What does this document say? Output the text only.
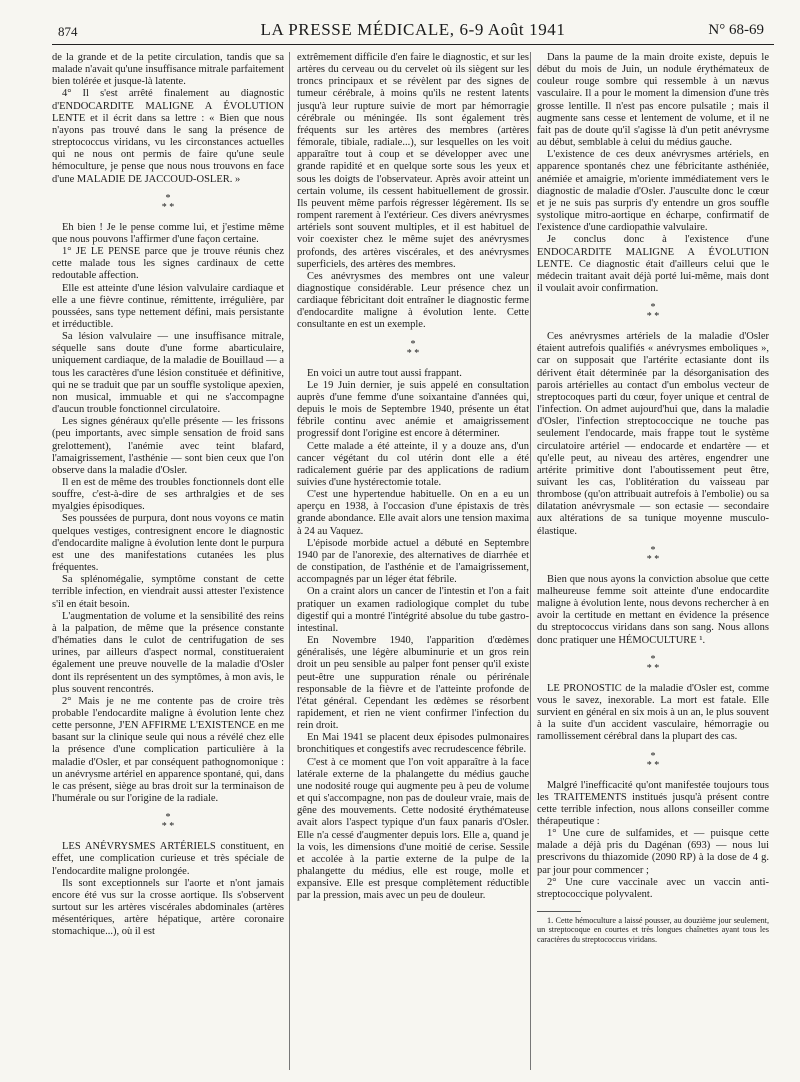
874	LA PRESSE MÉDICALE, 6-9 Août 1941	N° 68-69

de la grande et de la petite circulation, tandis que sa malade n'avait qu'une insuffisance mitrale parfaitement bien tolérée et jusque-là latente.

4° Il s'est arrêté finalement au diagnostic d'ENDOCARDITE MALIGNE A ÉVOLUTION LENTE et il écrit dans sa lettre : « Bien que nous n'ayons pas trouvé dans le sang la présence de streptococcus viridans, vu les circonstances actuelles qui ne nous ont permis de faire qu'une seule hémoculture, je pense que nous nous trouvons en face d'une MALADIE DE JACCOUD-OSLER. »

*
* *

Eh bien ! Je le pense comme lui, et j'estime même que nous pouvons l'affirmer d'une façon certaine.

1° JE LE PENSE parce que je trouve réunis chez cette malade tous les signes cardinaux de cette redoutable affection.

Elle est atteinte d'une lésion valvulaire cardiaque et elle a une fièvre continue, rémittente, irrégulière, par poussées, sans type nettement défini, mais persistante et irréductible.

Sa lésion valvulaire — une insuffisance mitrale, séquelle sans doute d'une forme abarticulaire, uniquement cardiaque, de la maladie de Bouillaud — a tous les caractères d'une lésion constituée et définitive, qui ne se traduit que par un souffle systolique apexien, non musical, immuable et qui ne s'accompagne d'aucun trouble fonctionnel circulatoire.

Les signes généraux qu'elle présente — les frissons (peu importants, avec simple sensation de froid sans grelottement), l'anémie avec teint blafard, l'amaigrissement, l'asthénie — sont bien ceux que l'on observe dans la maladie d'Osler.

Il en est de même des troubles fonctionnels dont elle souffre, c'est-à-dire de ses arthralgies et de ses myalgies épisodiques.

Ses poussées de purpura, dont nous voyons ce matin quelques vestiges, contresignent encore le diagnostic d'endocardite maligne à évolution lente dont le purpura est une des manifestations cutanées les plus fréquentes.

Sa splénomégalie, symptôme constant de cette terrible infection, en viendrait aussi attester l'existence s'il en était besoin.

L'augmentation de volume et la sensibilité des reins à la palpation, de même que la présence constante d'hématies dans le culot de centrifugation de ses urines, par ailleurs d'aspect normal, constitueraient également une preuve nouvelle de la maladie d'Osler dont ils représentent un des symptômes, à mon avis, le plus souvent rencontrés.

2° Mais je ne me contente pas de croire très probable l'endocardite maligne à évolution lente chez cette personne, J'EN AFFIRME L'EXISTENCE en me basant sur la clinique seule qui nous a révélé chez elle la présence d'une complication particulière à la maladie d'Osler, et par conséquent pathognomonique : un anévrysme artériel en apparence spontané, qui, dans le cas présent, siège au bras droit sur la terminaison de l'humérale ou sur l'origine de la radiale.

*
* *

LES ANÉVRYSMES ARTÉRIELS constituent, en effet, une complication curieuse et très spéciale de l'endocardite maligne prolongée.

Ils sont exceptionnels sur l'aorte et n'ont jamais encore été vus sur la crosse aortique. Ils s'observent surtout sur les artères viscérales abdominales (artères mésentériques, artère hépatique, artère coronaire stomachique...), où il est

extrêmement difficile d'en faire le diagnostic, et sur les artères du cerveau ou du cervelet où ils siègent sur les troncs principaux et se révèlent par des signes de tumeur cérébrale, à moins qu'ils ne restent latents jusqu'à leur rupture suivie de mort par hémorragie cérébrale ou méningée. Ils sont également très fréquents sur les artères des membres (artères fémorale, tibiale, radiale...), sur lesquelles on les voit apparaître tout à coup et se développer avec une grande rapidité et en quelque sorte sous les yeux et sous les doigts de l'observateur. Après avoir atteint un certain volume, ils cessent habituellement de grossir. Ils peuvent même parfois régresser légèrement. Ils se rompent rarement à l'extérieur. Ces divers anévrysmes artériels sont souvent multiples, et il est habituel de voir coexister chez le même sujet des anévrysmes profonds, des artères viscérales, et des anévrysmes superficiels, des artères des membres.

Ces anévrysmes des membres ont une valeur diagnostique considérable. Leur présence chez un cardiaque fébricitant doit entraîner le diagnostic ferme d'endocardite maligne à évolution lente. Cette consultante en est un exemple.

*
* *

En voici un autre tout aussi frappant.

Le 19 Juin dernier, je suis appelé en consultation auprès d'une femme d'une soixantaine d'années qui, depuis le mois de Septembre 1940, présente un état fébrile continu avec anémie et amaigrissement progressif dont l'origine est encore à déterminer.

Cette malade a été atteinte, il y a douze ans, d'un cancer végétant du col utérin dont elle a été radicalement guérie par des applications de radium suivies d'une hystérectomie totale.

C'est une hypertendue habituelle. On en a eu un aperçu en 1938, à l'occasion d'une épistaxis de très grande abondance. Elle avait alors une tension maxima à 24 au Vaquez.

L'épisode morbide actuel a débuté en Septembre 1940 par de l'anorexie, des alternatives de diarrhée et de constipation, de l'asthénie et de l'amaigrissement, accompagnés par un léger état fébrile.

On a craint alors un cancer de l'intestin et l'on a fait pratiquer un examen radiologique complet du tube digestif qui a montré l'intégrité absolue du tube gastro-intestinal.

En Novembre 1940, l'apparition d'œdèmes généralisés, une légère albuminurie et un gros rein droit un peu sensible au palper font penser qu'il existe peut-être une suppuration rénale ou périrénale responsable de la fièvre et de l'atteinte profonde de l'état général. Cependant les œdèmes se résorbent rapidement, et rien ne vient confirmer l'infection du rein droit.

En Mai 1941 se placent deux épisodes pulmonaires bronchitiques et congestifs avec recrudescence fébrile.

C'est à ce moment que l'on voit apparaître à la face latérale externe de la phalangette du médius gauche une nodosité rouge qui augmente peu à peu de volume et qui s'accompagne, non pas de douleur vraie, mais de gêne des mouvements. Cette nodosité érythémateuse avait alors l'aspect typique d'un faux panaris d'Osler. Elle n'a cessé d'augmenter depuis lors. Elle a, quand je la vois, les dimensions d'une moitié de cerise. Sessile et accolée à la partie externe de la pulpe de la phalangette du médius, elle est rouge, molle et expansive. Elle est presque complètement réductible par la pression, mais avec un peu de douleur.

Dans la paume de la main droite existe, depuis le début du mois de Juin, un nodule érythémateux de couleur rouge sombre qui ressemble à un nævus vasculaire. Il a pour le moment la dimension d'une très grosse lentille. Il n'est pas encore pulsatile ; mais il augmente sans cesse et lentement de volume, et il ne fait pas de doute qu'il s'agisse là d'un petit anévrysme au début, semblable à celui du médius gauche.

L'existence de ces deux anévrysmes artériels, en apparence spontanés chez une fébricitante asthéniée, anémiée et amaigrie, m'oriente immédiatement vers le diagnostic de maladie d'Osler. J'ausculte donc le cœur et je ne suis pas surpris d'y entendre un gros souffle systolique mitro-aortique en écharpe, confirmatif de l'existence d'une cardiopathie valvulaire.

Je conclus donc à l'existence d'une ENDOCARDITE MALIGNE A ÉVOLUTION LENTE. Ce diagnostic était d'ailleurs celui que le médecin traitant avait déjà porté lui-même, mais dont il voulait avoir confirmation.

*
* *

Ces anévrysmes artériels de la maladie d'Osler étaient autrefois qualifiés « anévrysmes emboliques », car on supposait que l'artérite ectasiante dont ils dérivent était déterminée par la désorganisation des parois artérielles au contact d'un embolus vecteur de streptocoques parti du cœur, foyer unique et central de l'infection. On admet aujourd'hui que, dans la maladie d'Osler, l'infection streptococcique ne touche pas seulement l'endocarde, mais frappe tout le système circulatoire artériel — endocarde et endartère — et qu'elle peut, au niveau des artères, engendrer une artérite primitive dont l'aboutissement peut être, suivant les cas, l'oblitération du vaisseau par thrombose (qu'on attribuait autrefois à l'embolie) ou sa dilatation anévrysmale — son ectasie — secondaire aux altérations de sa tunique moyenne musculo-élastique.

*
* *

Bien que nous ayons la conviction absolue que cette malheureuse femme soit atteinte d'une endocardite maligne à évolution lente, nous devons rechercher à en avoir la certitude en mettant en évidence la présence du streptococcus viridans dans son sang. Nous allons donc pratiquer une HÉMOCULTURE ¹.

*
* *

LE PRONOSTIC de la maladie d'Osler est, comme vous le savez, inexorable. La mort est fatale. Elle survient en général en six mois à un an, le plus souvent à la suite d'un accident vasculaire, hémorragie ou ramollissement cérébral dans la plupart des cas.

*
* *

Malgré l'inefficacité qu'ont manifestée toujours tous les TRAITEMENTS institués jusqu'à présent contre cette terrible infection, nous allons conseiller comme thérapeutique :

1° Une cure de sulfamides, et — puisque cette malade a déjà pris du Dagénan (693) — nous lui prescrivons du thiazomide (2090 RP) à la dose de 4 g. par jour pour commencer ;

2° Une cure vaccinale avec un vaccin anti-streptococcique polyvalent.

1. Cette hémoculture a laissé pousser, au douzième jour seulement, un streptocoque en courtes et très longues chaînettes ayant tous les caractères du streptococcus viridans.
